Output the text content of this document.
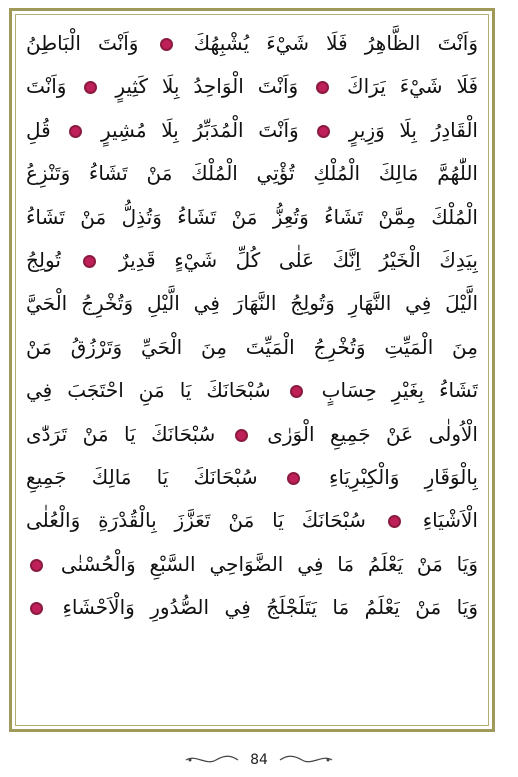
وَاَنْتَ الظَّاهِرُ فَلَا شَيْءَ يُشْبِهُكَ  وَاَنْتَ الْبَاطِنُ
فَلَا شَيْءَ يَرَاكَ  وَاَنْتَ الْوَاحِدُ بِلَا كَثِيرٍ  وَاَنْتَ
الْقَادِرُ بِلَا وَزِيرٍ  وَاَنْتَ الْمُدَبِّرُ بِلَا مُشِيرٍ  قُلِ
اللّٰهُمَّ مَالِكَ الْمُلْكِ تُؤْتِي الْمُلْكَ مَنْ تَشَاءُ وَتَنْزِعُ
الْمُلْكَ مِمَّنْ تَشَاءُ وَتُعِزُّ مَنْ تَشَاءُ وَتُذِلُّ مَنْ تَشَاءُ
بِيَدِكَ الْخَيْرُ اِنَّكَ عَلٰى كُلِّ شَيْءٍ قَدِيرٌ  تُولِجُ
الَّيْلَ فِي النَّهَارِ وَتُولِجُ النَّهَارَ فِي الَّيْلِ وَتُخْرِجُ الْحَيَّ
مِنَ الْمَيِّتِ وَتُخْرِجُ الْمَيِّتَ مِنَ الْحَيِّ وَتَرْزُقُ مَنْ
تَشَاءُ بِغَيْرِ حِسَابٍ  سُبْحَانَكَ يَا مَنِ احْتَجَبَ فِي
الْاُولٰى عَنْ جَمِيعِ الْوَرٰى  سُبْحَانَكَ يَا مَنْ تَرَدّٰى
بِالْوَقَارِ وَالْكِبْرِيَاءِ  سُبْحَانَكَ يَا مَالِكَ جَمِيعِ
الْاَشْيَاءِ  سُبْحَانَكَ يَا مَنْ تَعَزَّزَ بِالْقُدْرَةِ وَالْعُلٰى
وَيَا مَنْ يَعْلَمُ مَا فِي الضَّوَاحِي السَّبْعِ وَالْحُسْنٰى
وَيَا مَنْ يَعْلَمُ مَا يَتَلَجْلَجُ فِي الصُّدُورِ وَالْاَحْشَاءِ
84
